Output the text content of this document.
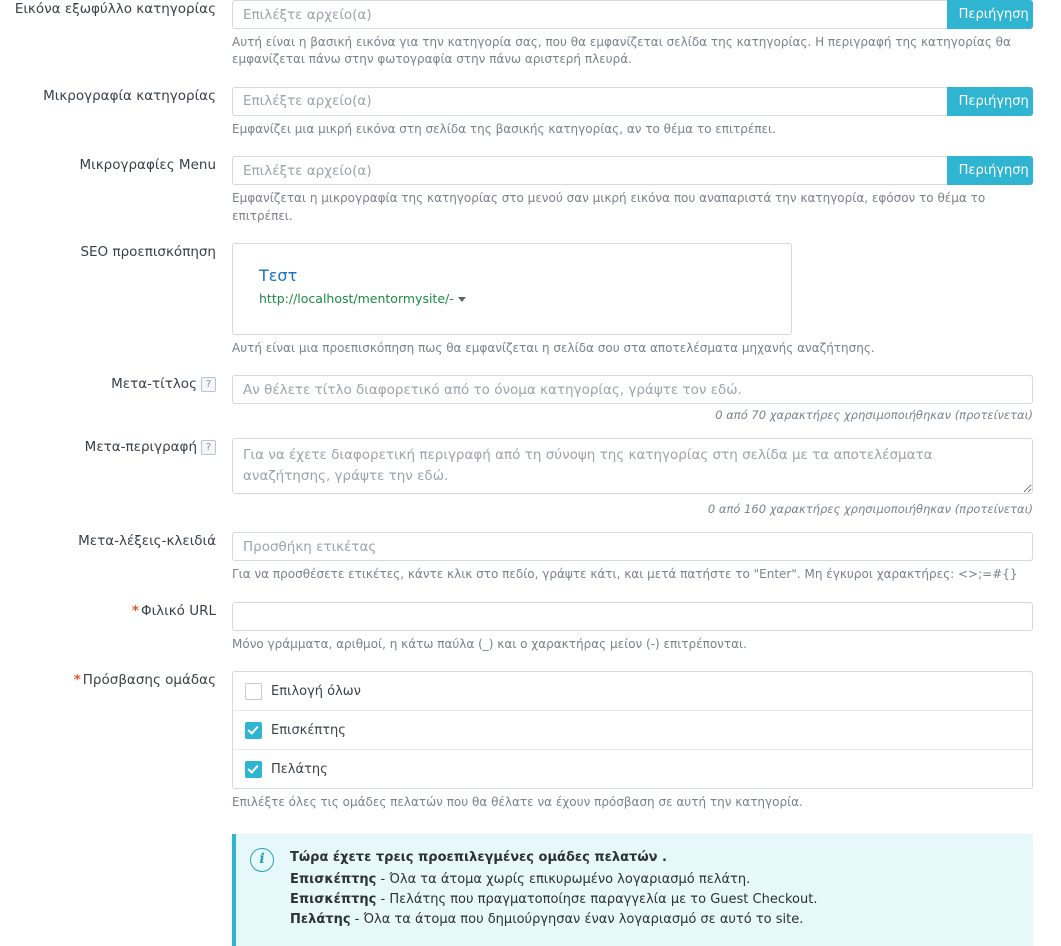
Εικόνα εξωφύλλο κατηγορίας
Επιλέξτε αρχείο(α)	Περιήγηση
Αυτή είναι η βασική εικόνα για την κατηγορία σας, που θα εμφανίζεται σελίδα της κατηγορίας. Η περιγραφή της κατηγορίας θα εμφανίζεται πάνω στην φωτογραφία στην πάνω αριστερή πλευρά.
Μικρογραφία κατηγορίας
Επιλέξτε αρχείο(α)	Περιήγηση
Εμφανίζει μια μικρή εικόνα στη σελίδα της βασικής κατηγορίας, αν το θέμα το επιτρέπει.
Μικρογραφίες Menu
Επιλέξτε αρχείο(α)	Περιήγηση
Εμφανίζεται η μικρογραφία της κατηγορίας στο μενού σαν μικρή εικόνα που αναπαριστά την κατηγορία, εφόσον το θέμα το επιτρέπει.
SEO προεπισκόπηση
Τεστ
http://localhost/mentormysite/-
Αυτή είναι μια προεπισκόπηση πως θα εμφανίζεται η σελίδα σου στα αποτελέσματα μηχανής αναζήτησης.
Μετα-τίτλος ?
Αν θέλετε τίτλο διαφορετικό από το όνομα κατηγορίας, γράψτε τον εδώ.
0 από 70 χαρακτήρες χρησιμοποιήθηκαν (προτείνεται)
Μετα-περιγραφή ?
Για να έχετε διαφορετική περιγραφή από τη σύνοψη της κατηγορίας στη σελίδα με τα αποτελέσματα αναζήτησης, γράψτε την εδώ.
0 από 160 χαρακτήρες χρησιμοποιήθηκαν (προτείνεται)
Μετα-λέξεις-κλειδιά
Προσθήκη ετικέτας
Για να προσθέσετε ετικέτες, κάντε κλικ στο πεδίο, γράψτε κάτι, και μετά πατήστε το "Enter". Μη έγκυροι χαρακτήρες: <>;=#{}
* Φιλικό URL
Μόνο γράμματα, αριθμοί, η κάτω παύλα (_) και ο χαρακτήρας μείον (-) επιτρέπονται.
* Πρόσβασης ομάδας
Επιλογή όλων
Επισκέπτης
Πελάτης
Επιλέξτε όλες τις ομάδες πελατών που θα θέλατε να έχουν πρόσβαση σε αυτή την κατηγορία.
i	Τώρα έχετε τρεις προεπιλεγμένες ομάδες πελατών .
Επισκέπτης - Όλα τα άτομα χωρίς επικυρωμένο λογαριασμό πελάτη.
Επισκέπτης - Πελάτης που πραγματοποίησε παραγγελία με το Guest Checkout.
Πελάτης - Όλα τα άτομα που δημιούργησαν έναν λογαριασμό σε αυτό το site.
